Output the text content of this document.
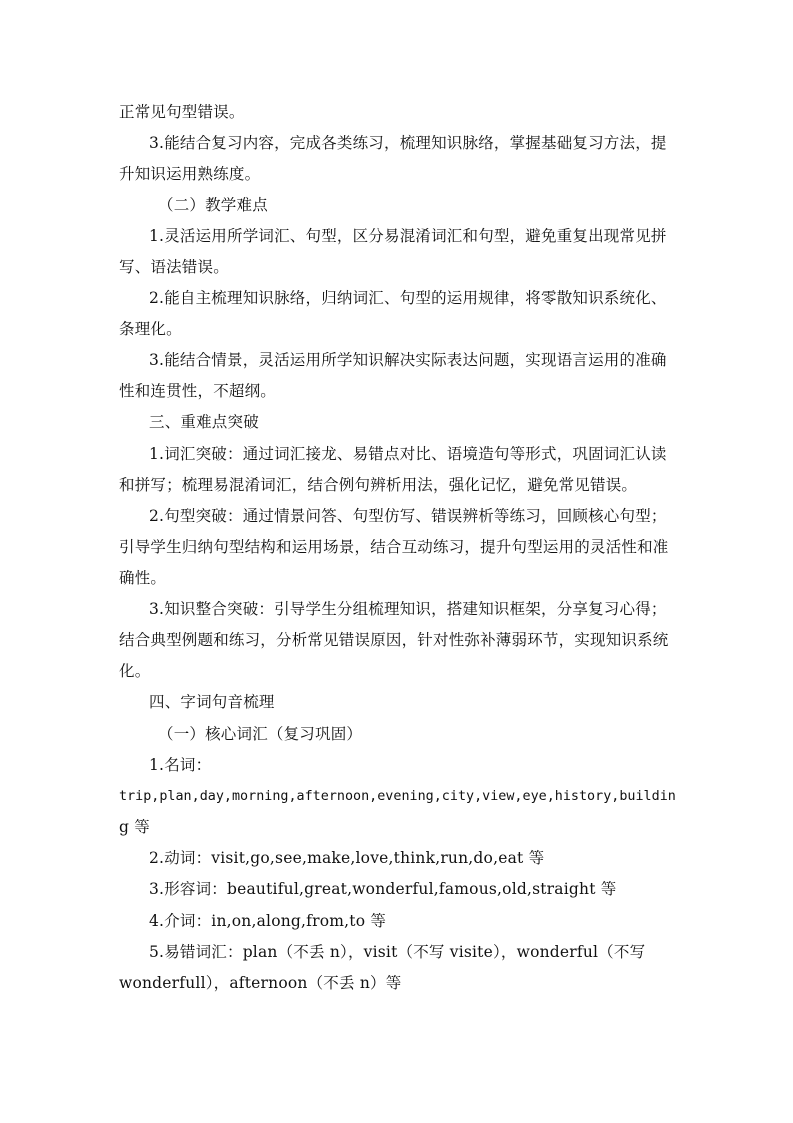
正常见句型错误。
3.能结合复习内容，完成各类练习，梳理知识脉络，掌握基础复习方法，提
升知识运用熟练度。
（二）教学难点
1.灵活运用所学词汇、句型，区分易混淆词汇和句型，避免重复出现常见拼
写、语法错误。
2.能自主梳理知识脉络，归纳词汇、句型的运用规律，将零散知识系统化、
条理化。
3.能结合情景，灵活运用所学知识解决实际表达问题，实现语言运用的准确
性和连贯性，不超纲。
三、重难点突破
1.词汇突破：通过词汇接龙、易错点对比、语境造句等形式，巩固词汇认读
和拼写；梳理易混淆词汇，结合例句辨析用法，强化记忆，避免常见错误。
2.句型突破：通过情景问答、句型仿写、错误辨析等练习，回顾核心句型；
引导学生归纳句型结构和运用场景，结合互动练习，提升句型运用的灵活性和准
确性。
3.知识整合突破：引导学生分组梳理知识，搭建知识框架，分享复习心得；
结合典型例题和练习，分析常见错误原因，针对性弥补薄弱环节，实现知识系统
化。
四、字词句音梳理
（一）核心词汇（复习巩固）
1.名词：
trip,plan,day,morning,afternoon,evening,city,view,eye,history,buildin
g 等
2.动词：visit,go,see,make,love,think,run,do,eat 等
3.形容词：beautiful,great,wonderful,famous,old,straight 等
4.介词：in,on,along,from,to 等
5.易错词汇：plan（不丢 n），visit（不写 visite），wonderful（不写
wonderfull），afternoon（不丢 n）等
